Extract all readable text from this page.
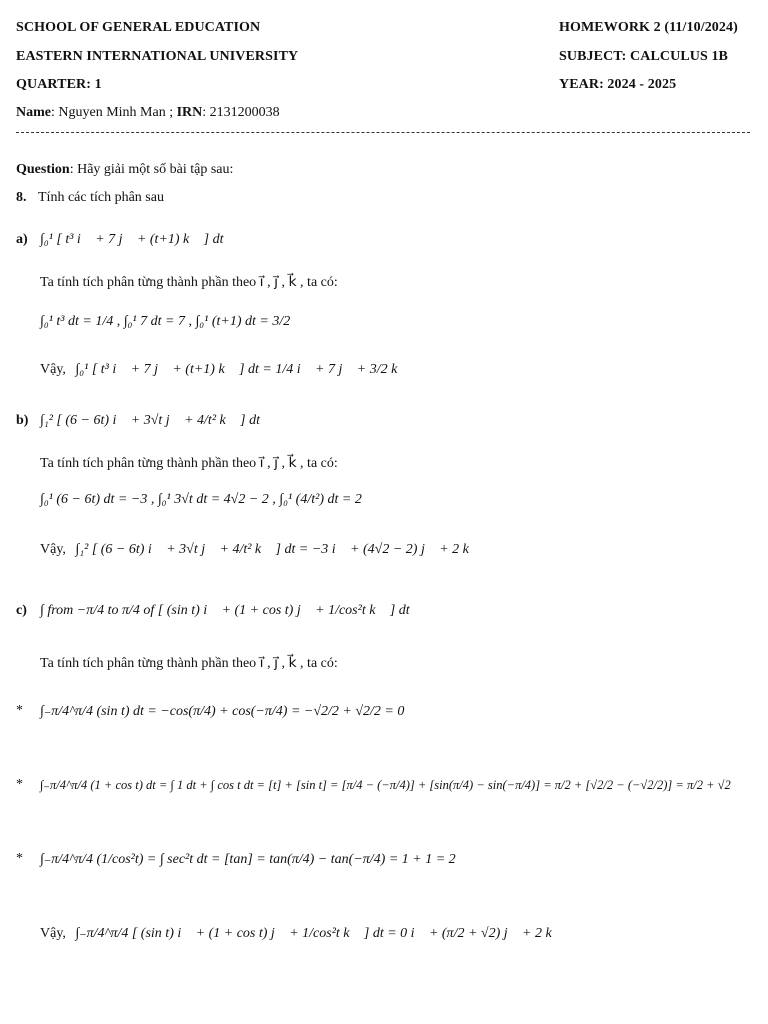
SCHOOL OF GENERAL EDUCATION
EASTERN INTERNATIONAL UNIVERSITY
QUARTER: 1
HOMEWORK 2 (11/10/2024)
SUBJECT: CALCULUS 1B
YEAR: 2024 - 2025
Name: Nguyen Minh Man ; IRN: 2131200038
Question: Hãy giải một số bài tập sau:
8. Tính các tích phân sau
a) ∫₀¹ [ t³ i⃗ + 7 j⃗ + (t+1) k⃗ ] dt
Ta tính tích phân từng thành phần theo i⃗ , j⃗ , k⃗ , ta có:
∫₀¹ t³ dt = 1/4 , ∫₀¹ 7 dt = 7 , ∫₀¹ (t+1) dt = 3/2
Vậy, ∫₀¹ [ t³ i⃗ + 7 j⃗ + (t+1) k⃗ ] dt = 1/4 i⃗ + 7 j⃗ + 3/2 k⃗
b) ∫₁² [ (6 − 6t) i⃗ + 3√t j⃗ + 4/t² k⃗ ] dt
Ta tính tích phân từng thành phần theo i⃗ , j⃗ , k⃗ , ta có:
∫₀¹ (6 − 6t) dt = −3 , ∫₀¹ 3√t dt = 4√2 − 2 , ∫₀¹ (4/t²) dt = 2
Vậy, ∫₁² [ (6 − 6t) i⃗ + 3√t j⃗ + 4/t² k⃗ ] dt = −3 i⃗ + (4√2 − 2) j⃗ + 2 k⃗
c) ∫ from −π/4 to π/4 of [ (sin t) i⃗ + (1 + cos t) j⃗ + 1/cos²t k⃗ ] dt
Ta tính tích phân từng thành phần theo i⃗ , j⃗ , k⃗ , ta có:
* ∫₋π/4^π/4 (sin t) dt = −cos(π/4) + cos(−π/4) = −√2/2 + √2/2 = 0
* ∫₋π/4^π/4 (1 + cos t) dt = ∫ 1 dt + ∫ cos t dt = [t] + [sin t] = [π/4 − (−π/4)] + [sin(π/4) − sin(−π/4)] = π/2 + [√2/2 − (−√2/2)] = π/2 + √2
* ∫₋π/4^π/4 (1/cos²t) = ∫ sec²t dt = [tan] = tan(π/4) − tan(−π/4) = 1 + 1 = 2
Vậy, ∫₋π/4^π/4 [ (sin t) i⃗ + (1 + cos t) j⃗ + 1/cos²t k⃗ ] dt = 0 i⃗ + (π/2 + √2) j⃗ + 2 k⃗
